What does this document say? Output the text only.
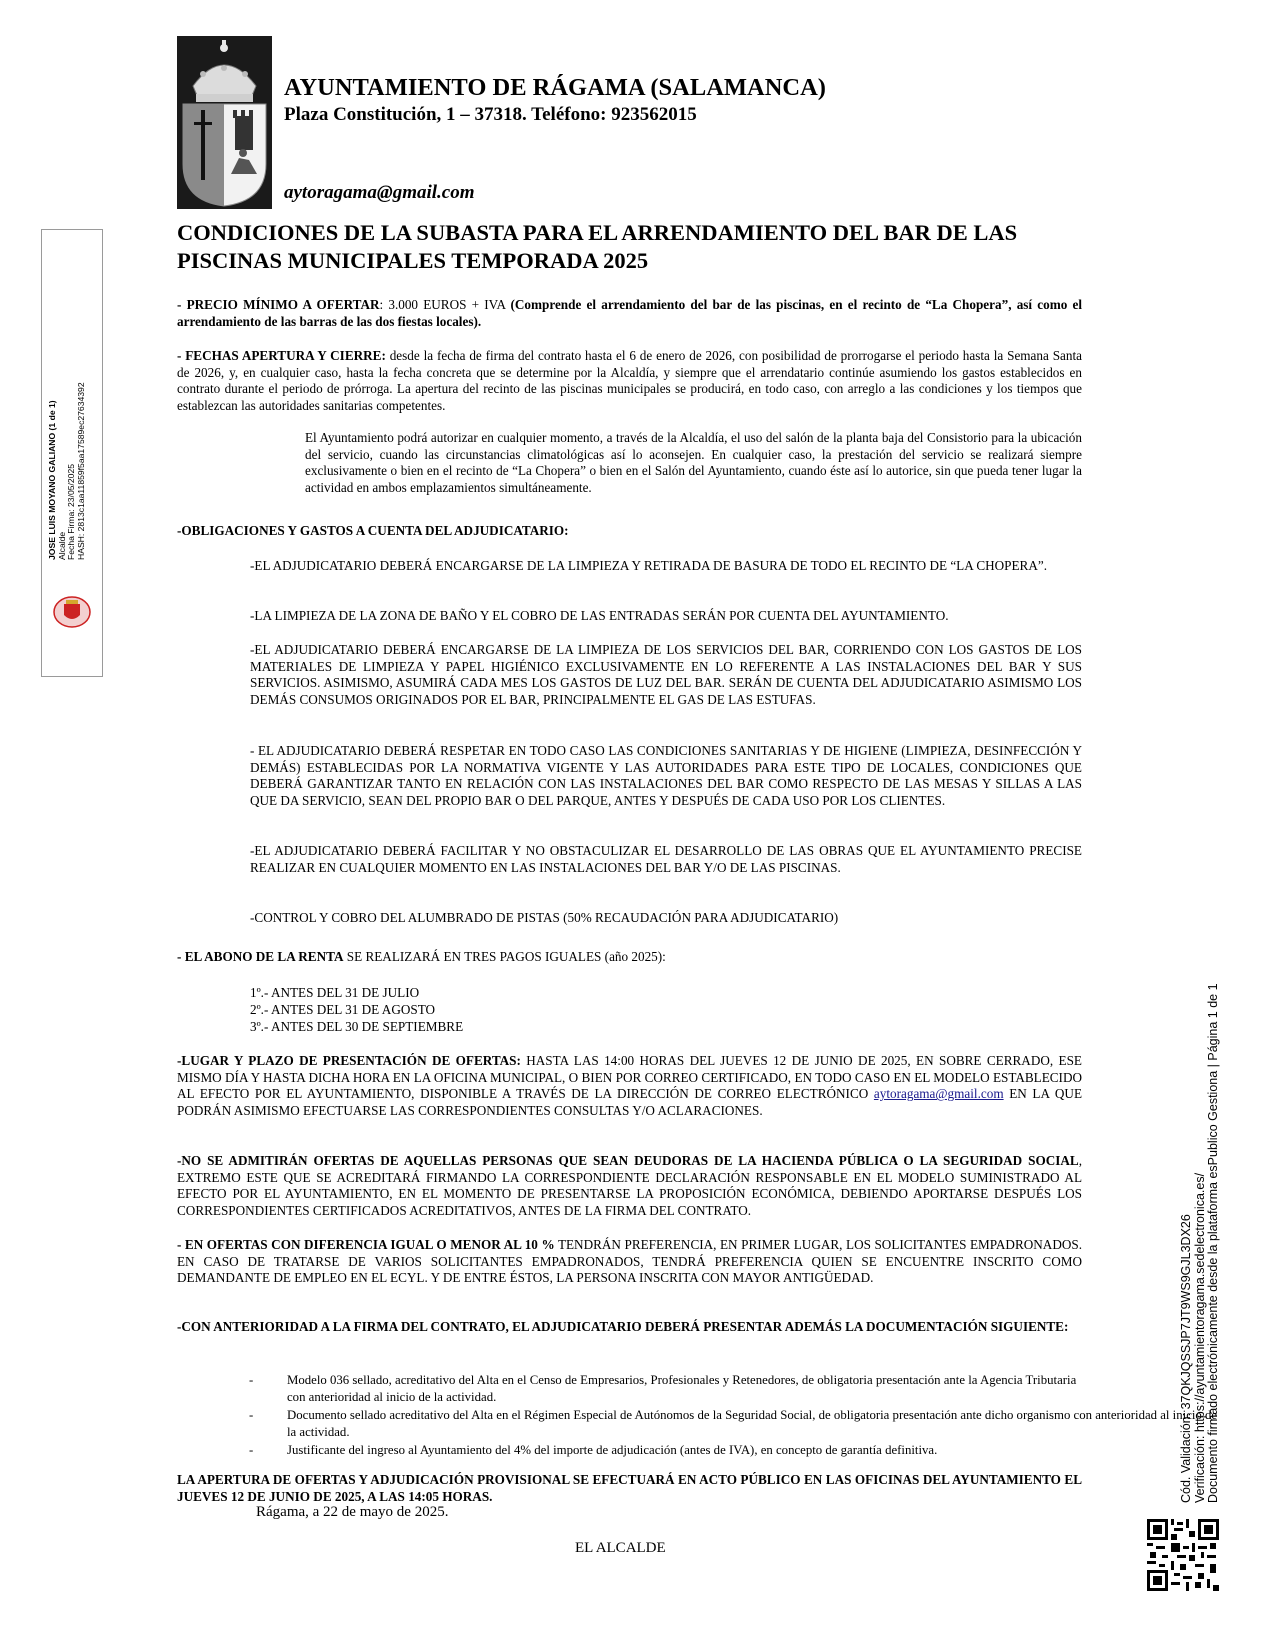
AYUNTAMIENTO DE RÁGAMA (SALAMANCA)
Plaza Constitución, 1 – 37318. Teléfono: 923562015
aytoragama@gmail.com
CONDICIONES DE LA SUBASTA PARA EL ARRENDAMIENTO DEL BAR DE LAS PISCINAS MUNICIPALES TEMPORADA 2025

- PRECIO MÍNIMO A OFERTAR: 3.000 EUROS + IVA (Comprende el arrendamiento del bar de las piscinas, en el recinto de “La Chopera”, así como el arrendamiento de las barras de las dos fiestas locales).

- FECHAS APERTURA Y CIERRE: desde la fecha de firma del contrato hasta el 6 de enero de 2026, con posibilidad de prorrogarse el periodo hasta la Semana Santa de 2026, y, en cualquier caso, hasta la fecha concreta que se determine por la Alcaldía, y siempre que el arrendatario continúe asumiendo los gastos establecidos en contrato durante el periodo de prórroga. La apertura del recinto de las piscinas municipales se producirá, en todo caso, con arreglo a las condiciones y los tiempos que establezcan las autoridades sanitarias competentes.

El Ayuntamiento podrá autorizar en cualquier momento, a través de la Alcaldía, el uso del salón de la planta baja del Consistorio para la ubicación del servicio, cuando las circunstancias climatológicas así lo aconsejen. En cualquier caso, la prestación del servicio se realizará siempre exclusivamente o bien en el recinto de “La Chopera” o bien en el Salón del Ayuntamiento, cuando éste así lo autorice, sin que pueda tener lugar la actividad en ambos emplazamientos simultáneamente.

-OBLIGACIONES Y GASTOS A CUENTA DEL ADJUDICATARIO:

-EL ADJUDICATARIO DEBERÁ ENCARGARSE DE LA LIMPIEZA Y RETIRADA DE BASURA DE TODO EL RECINTO DE “LA CHOPERA”.

-LA LIMPIEZA DE LA ZONA DE BAÑO Y EL COBRO DE LAS ENTRADAS SERÁN POR CUENTA DEL AYUNTAMIENTO.

-EL ADJUDICATARIO DEBERÁ ENCARGARSE DE LA LIMPIEZA DE LOS SERVICIOS DEL BAR, CORRIENDO CON LOS GASTOS DE LOS MATERIALES DE LIMPIEZA Y PAPEL HIGIÉNICO EXCLUSIVAMENTE EN LO REFERENTE A LAS INSTALACIONES DEL BAR Y SUS SERVICIOS. ASIMISMO, ASUMIRÁ CADA MES LOS GASTOS DE LUZ DEL BAR. SERÁN DE CUENTA DEL ADJUDICATARIO ASIMISMO LOS DEMÁS CONSUMOS ORIGINADOS POR EL BAR, PRINCIPALMENTE EL GAS DE LAS ESTUFAS.

- EL ADJUDICATARIO DEBERÁ RESPETAR EN TODO CASO LAS CONDICIONES SANITARIAS Y DE HIGIENE (LIMPIEZA, DESINFECCIÓN Y DEMÁS) ESTABLECIDAS POR LA NORMATIVA VIGENTE Y LAS AUTORIDADES PARA ESTE TIPO DE LOCALES, CONDICIONES QUE DEBERÁ GARANTIZAR TANTO EN RELACIÓN CON LAS INSTALACIONES DEL BAR COMO RESPECTO DE LAS MESAS Y SILLAS A LAS QUE DA SERVICIO, SEAN DEL PROPIO BAR O DEL PARQUE, ANTES Y DESPUÉS DE CADA USO POR LOS CLIENTES.

-EL ADJUDICATARIO DEBERÁ FACILITAR Y NO OBSTACULIZAR EL DESARROLLO DE LAS OBRAS QUE EL AYUNTAMIENTO PRECISE REALIZAR EN CUALQUIER MOMENTO EN LAS INSTALACIONES DEL BAR Y/O DE LAS PISCINAS.

-CONTROL Y COBRO DEL ALUMBRADO DE PISTAS (50% RECAUDACIÓN PARA ADJUDICATARIO)

- EL ABONO DE LA RENTA SE REALIZARÁ EN TRES PAGOS IGUALES (año 2025):

1º.- ANTES DEL 31 DE JULIO

2º.- ANTES DEL 31 DE AGOSTO

3º.- ANTES DEL 30 DE SEPTIEMBRE

-LUGAR Y PLAZO DE PRESENTACIÓN DE OFERTAS: HASTA LAS 14:00 HORAS DEL JUEVES 12 DE JUNIO DE 2025, EN SOBRE CERRADO, ESE MISMO DÍA Y HASTA DICHA HORA EN LA OFICINA MUNICIPAL, O BIEN POR CORREO CERTIFICADO, EN TODO CASO EN EL MODELO ESTABLECIDO AL EFECTO POR EL AYUNTAMIENTO, DISPONIBLE A TRAVÉS DE LA DIRECCIÓN DE CORREO ELECTRÓNICO aytoragama@gmail.com EN LA QUE PODRÁN ASIMISMO EFECTUARSE LAS CORRESPONDIENTES CONSULTAS Y/O ACLARACIONES.

-NO SE ADMITIRÁN OFERTAS DE AQUELLAS PERSONAS QUE SEAN DEUDORAS DE LA HACIENDA PÚBLICA O LA SEGURIDAD SOCIAL, EXTREMO ESTE QUE SE ACREDITARÁ FIRMANDO LA CORRESPONDIENTE DECLARACIÓN RESPONSABLE EN EL MODELO SUMINISTRADO AL EFECTO POR EL AYUNTAMIENTO, EN EL MOMENTO DE PRESENTARSE LA PROPOSICIÓN ECONÓMICA, DEBIENDO APORTARSE DESPUÉS LOS CORRESPONDIENTES CERTIFICADOS ACREDITATIVOS, ANTES DE LA FIRMA DEL CONTRATO.

- EN OFERTAS CON DIFERENCIA IGUAL O MENOR AL 10 % TENDRÁN PREFERENCIA, EN PRIMER LUGAR, LOS SOLICITANTES EMPADRONADOS. EN CASO DE TRATARSE DE VARIOS SOLICITANTES EMPADRONADOS, TENDRÁ PREFERENCIA QUIEN SE ENCUENTRE INSCRITO COMO DEMANDANTE DE EMPLEO EN EL ECYL. Y DE ENTRE ÉSTOS, LA PERSONA INSCRITA CON MAYOR ANTIGÜEDAD.

-CON ANTERIORIDAD A LA FIRMA DEL CONTRATO, EL ADJUDICATARIO DEBERÁ PRESENTAR ADEMÁS LA DOCUMENTACIÓN SIGUIENTE:

-	Modelo 036 sellado, acreditativo del Alta en el Censo de Empresarios, Profesionales y Retenedores, de obligatoria presentación ante la Agencia Tributaria con anterioridad al inicio de la actividad.
-	Documento sellado acreditativo del Alta en el Régimen Especial de Autónomos de la Seguridad Social, de obligatoria presentación ante dicho organismo con anterioridad al inicio de la actividad.
-	Justificante del ingreso al Ayuntamiento del 4% del importe de adjudicación (antes de IVA), en concepto de garantía definitiva.

LA APERTURA DE OFERTAS Y ADJUDICACIÓN PROVISIONAL SE EFECTUARÁ EN ACTO PÚBLICO EN LAS OFICINAS DEL AYUNTAMIENTO EL JUEVES 12 DE JUNIO DE 2025, A LAS 14:05 HORAS.

Rágama, a 22 de mayo de 2025.

EL ALCALDE

JOSE LUIS MOYANO GALIANO (1 de 1) Alcalde Fecha Firma: 23/05/2025 HASH: 2813c1aa11859f5aa17589ec27634392
Cód. Validación: 37QKJQSSJP7JT9WS9GJL3DX26 Verificación: https://ayuntamientoragama.sedelectronica.es/ Documento firmado electrónicamente desde la plataforma esPublico Gestiona | Página 1 de 1
